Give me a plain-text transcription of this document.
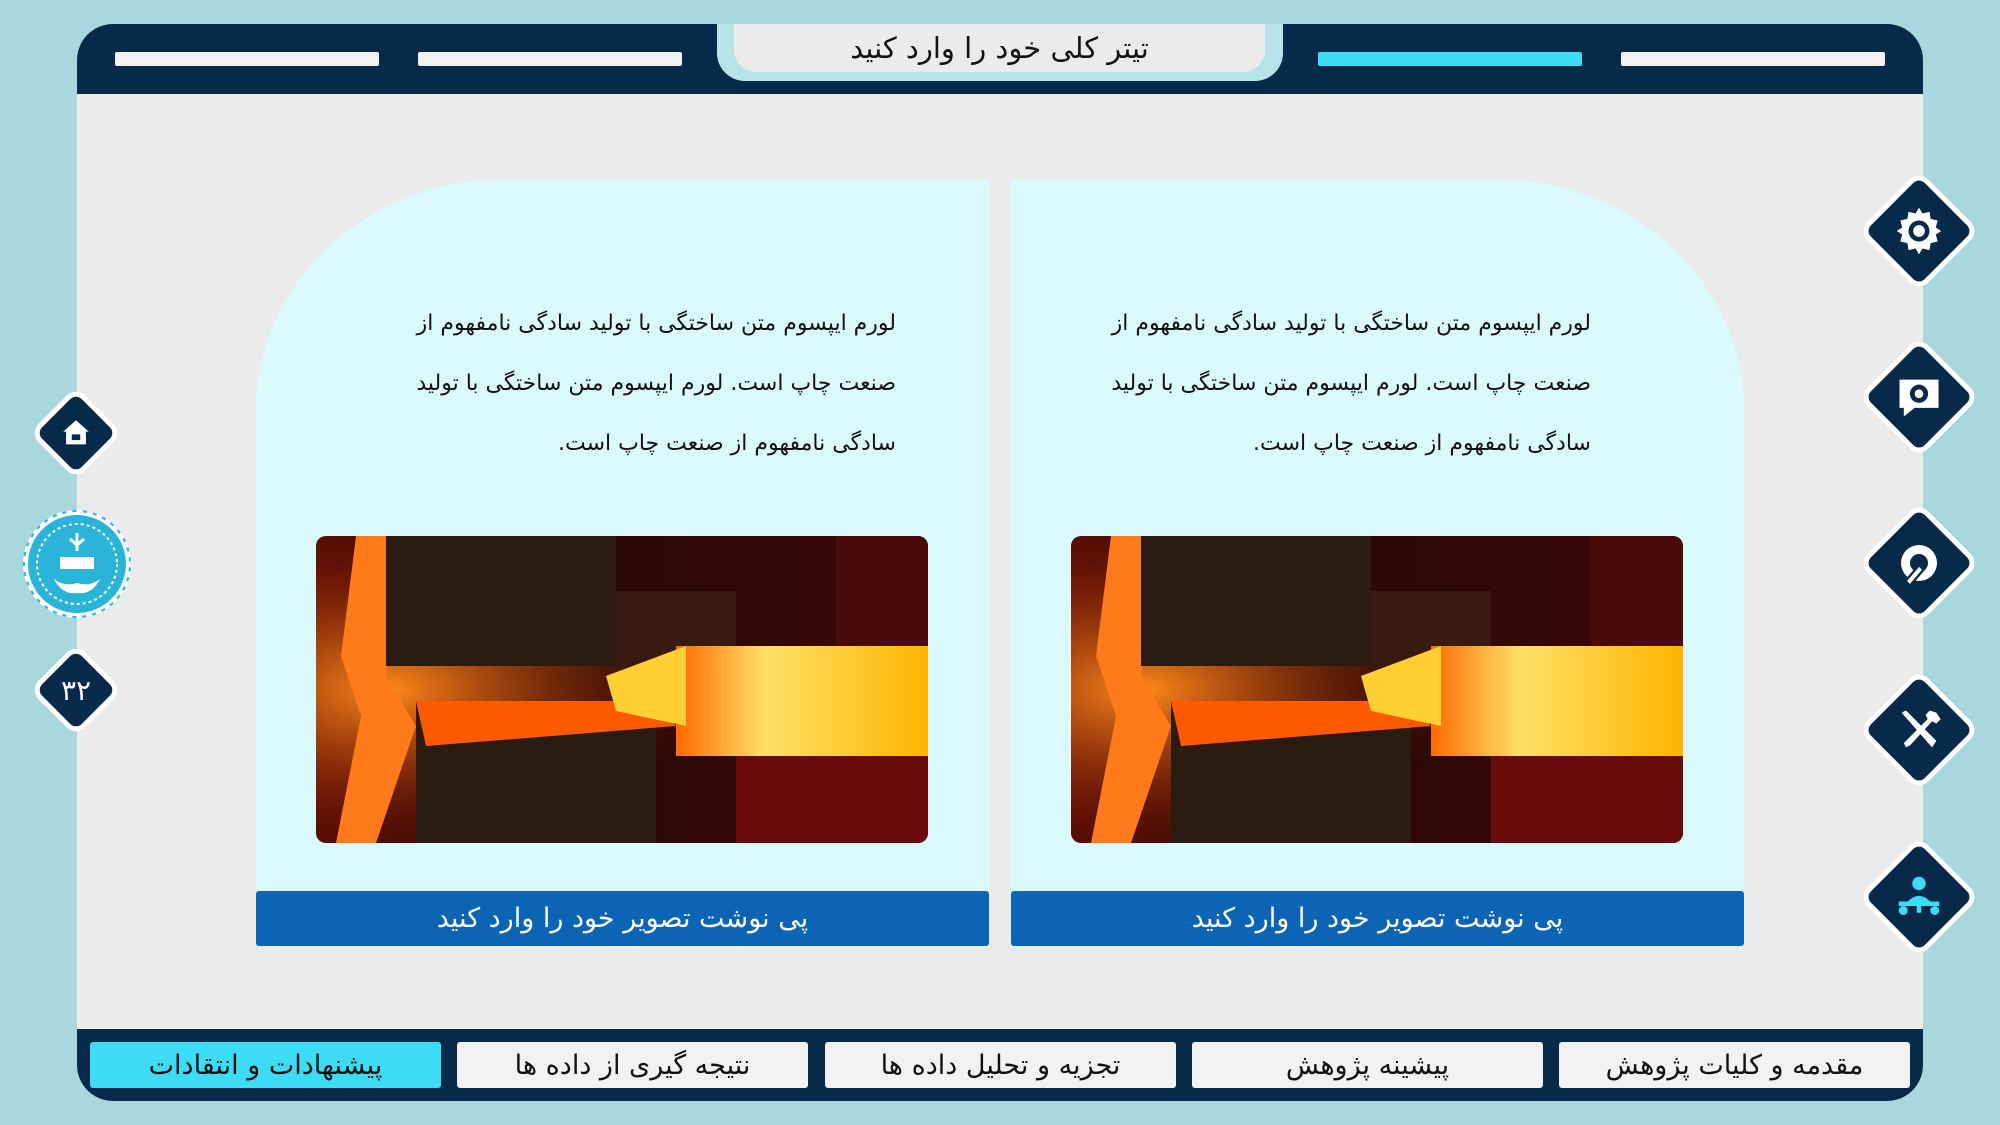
تیتر کلی خود را وارد کنید
لورم ایپسوم متن ساختگی با تولید سادگی نامفهوم از صنعت چاپ است. لورم ایپسوم متن ساختگی با تولید سادگی نامفهوم از صنعت چاپ است.
لورم ایپسوم متن ساختگی با تولید سادگی نامفهوم از صنعت چاپ است. لورم ایپسوم متن ساختگی با تولید سادگی نامفهوم از صنعت چاپ است.
پی نوشت تصویر خود را وارد کنید	پی نوشت تصویر خود را وارد کنید
پیشنهادات و انتقادات	نتیجه گیری از داده ها	تجزیه و تحلیل داده ها	پیشینه پژوهش	مقدمه و کلیات پژوهش
۳۲
